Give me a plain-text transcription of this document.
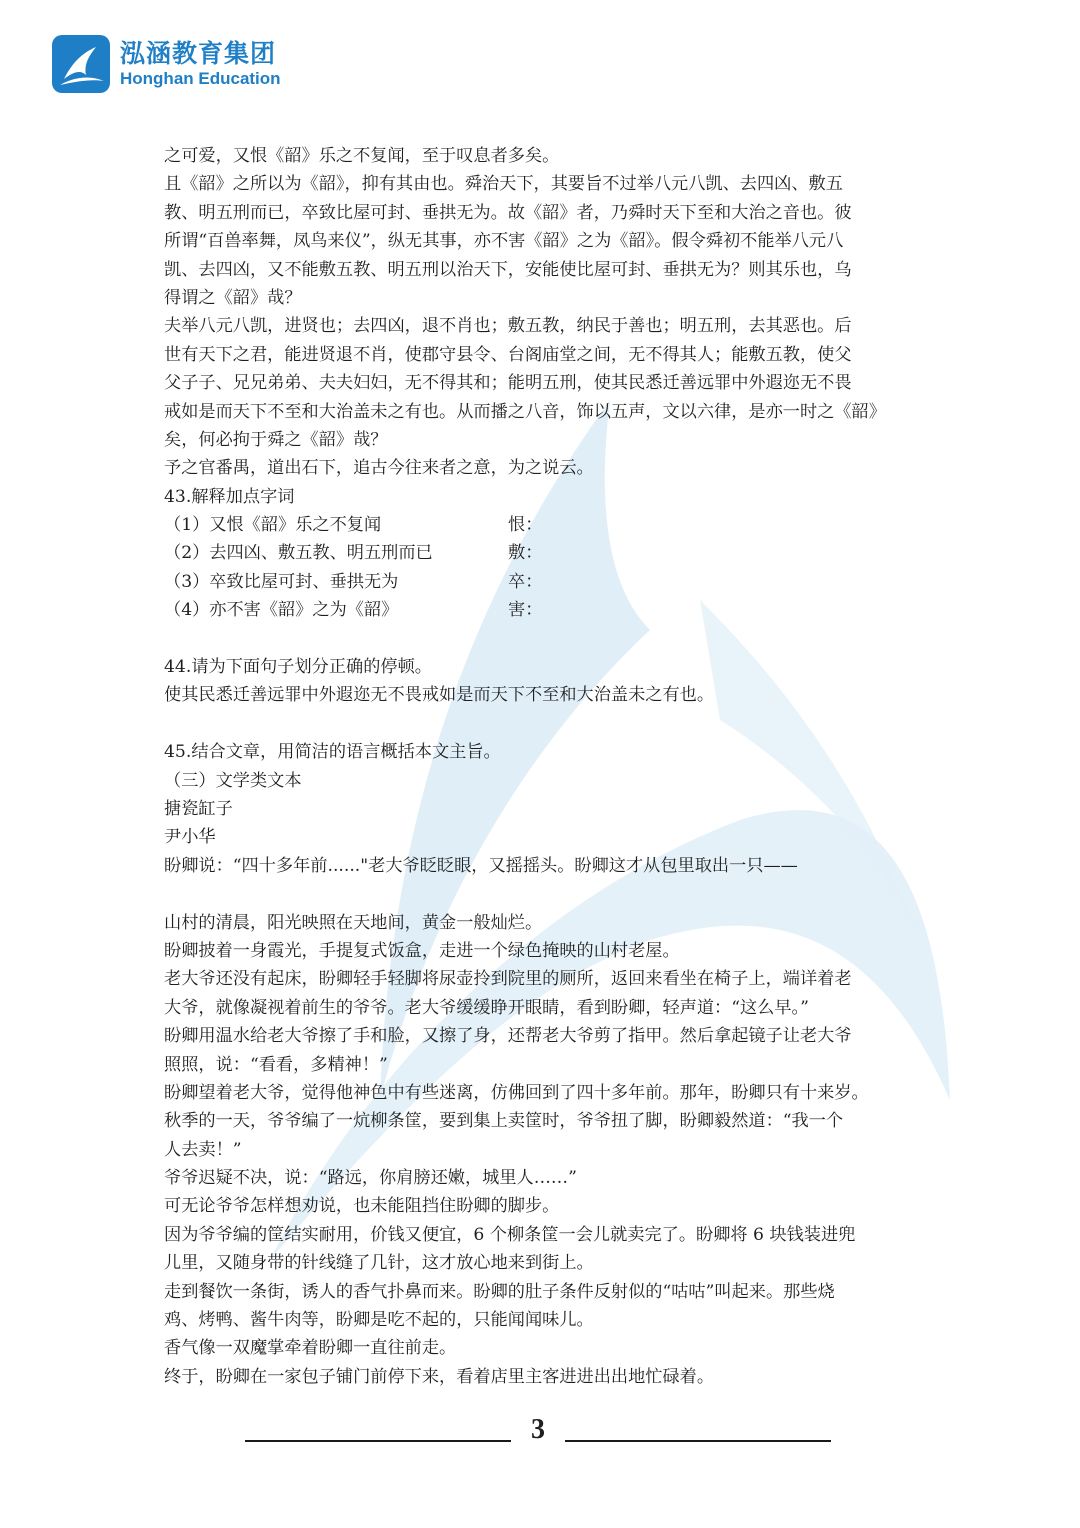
泓涵教育集团
Honghan Education
之可爱，又恨《韶》乐之不复闻，至于叹息者多矣。
且《韶》之所以为《韶》，抑有其由也。舜治天下，其要旨不过举八元八凯、去四凶、敷五
教、明五刑而已，卒致比屋可封、垂拱无为。故《韶》者，乃舜时天下至和大治之音也。彼
所谓“百兽率舞，凤鸟来仪”，纵无其事，亦不害《韶》之为《韶》。假令舜初不能举八元八
凯、去四凶，又不能敷五教、明五刑以治天下，安能使比屋可封、垂拱无为？则其乐也，乌
得谓之《韶》哉？
夫举八元八凯，进贤也；去四凶，退不肖也；敷五教，纳民于善也；明五刑，去其恶也。后
世有天下之君，能进贤退不肖，使郡守县令、台阁庙堂之间，无不得其人；能敷五教，使父
父子子、兄兄弟弟、夫夫妇妇，无不得其和；能明五刑，使其民悉迁善远罪中外遐迩无不畏
戒如是而天下不至和大治盖未之有也。从而播之八音，饰以五声，文以六律，是亦一时之《韶》
矣，何必拘于舜之《韶》哉？
予之官番禺，道出石下，追古今往来者之意，为之说云。
43.解释加点字词
（1）又恨《韶》乐之不复闻	恨：
（2）去四凶、敷五教、明五刑而已	敷：
（3）卒致比屋可封、垂拱无为	卒：
（4）亦不害《韶》之为《韶》	害：
44.请为下面句子划分正确的停顿。
使其民悉迁善远罪中外遐迩无不畏戒如是而天下不至和大治盖未之有也。
45.结合文章，用简洁的语言概括本文主旨。
（三）文学类文本
搪瓷缸子
尹小华
盼卿说：“四十多年前......"老大爷眨眨眼，又摇摇头。盼卿这才从包里取出一只——
山村的清晨，阳光映照在天地间，黄金一般灿烂。
盼卿披着一身霞光，手提复式饭盒，走进一个绿色掩映的山村老屋。
老大爷还没有起床，盼卿轻手轻脚将尿壶拎到院里的厕所，返回来看坐在椅子上，端详着老
大爷，就像凝视着前生的爷爷。老大爷缓缓睁开眼睛，看到盼卿，轻声道：“这么早。”
盼卿用温水给老大爷擦了手和脸，又擦了身，还帮老大爷剪了指甲。然后拿起镜子让老大爷
照照，说：“看看，多精神！”
盼卿望着老大爷，觉得他神色中有些迷离，仿佛回到了四十多年前。那年，盼卿只有十来岁。
秋季的一天，爷爷编了一炕柳条筐，要到集上卖筐时，爷爷扭了脚，盼卿毅然道：“我一个
人去卖！”
爷爷迟疑不决，说：“路远，你肩膀还嫩，城里人……”
可无论爷爷怎样想劝说，也未能阻挡住盼卿的脚步。
因为爷爷编的筐结实耐用，价钱又便宜，6 个柳条筐一会儿就卖完了。盼卿将 6 块钱装进兜
儿里，又随身带的针线缝了几针，这才放心地来到街上。
走到餐饮一条街，诱人的香气扑鼻而来。盼卿的肚子条件反射似的“咕咕”叫起来。那些烧
鸡、烤鸭、酱牛肉等，盼卿是吃不起的，只能闻闻味儿。
香气像一双魔掌牵着盼卿一直往前走。
终于，盼卿在一家包子铺门前停下来，看着店里主客进进出出地忙碌着。
3
